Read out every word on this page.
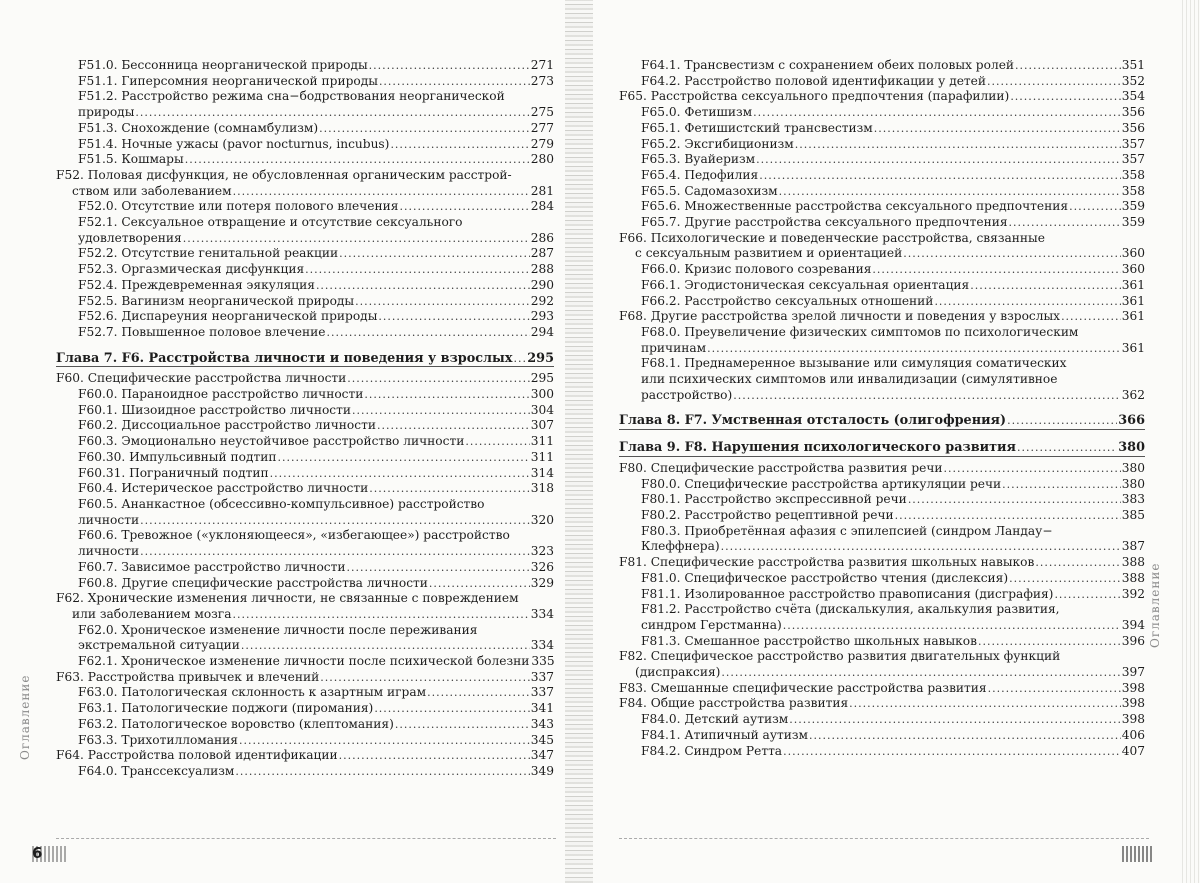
F51.0. Бессонница неорганической природы .....	271
F51.1. Гиперсомния неорганической природы .....	273
F51.2. Расстройство режима сна−бодрствования неорганической
природы .....	275
F51.3. Снохождение (сомнамбулизм) .....	277
F51.4. Ночные ужасы (pavor nocturnus, incubus) .....	279
F51.5. Кошмары .....	280
F52. Половая дисфункция, не обусловленная органическим расстрой-
ством или заболеванием .....	281
F52.0. Отсутствие или потеря полового влечения .....	284
F52.1. Сексуальное отвращение и отсутствие сексуального
удовлетворения .....	286
F52.2. Отсутствие генитальной реакции .....	287
F52.3. Оргазмическая дисфункция .....	288
F52.4. Преждевременная эякуляция .....	290
F52.5. Вагинизм неорганической природы .....	292
F52.6. Диспареуния неорганической природы .....	293
F52.7. Повышенное половое влечение .....	294
Глава 7. F6. Расстройства личности и поведения у взрослых ..... 295
F60. Специфические расстройства личности .....	295
F60.0. Параноидное расстройство личности .....	300
F60.1. Шизоидное расстройство личности .....	304
F60.2. Диссоциальное расстройство личности .....	307
F60.3. Эмоционально неустойчивое расстройство личности .....	311
F60.30. Импульсивный подтип .....	311
F60.31. Пограничный подтип .....	314
F60.4. Истерическое расстройство личности .....	318
F60.5. Ананкастное (обсессивно-компульсивное) расстройство
личности .....	320
F60.6. Тревожное («уклоняющееся», «избегающее») расстройство
личности .....	323
F60.7. Зависимое расстройство личности .....	326
F60.8. Другие специфические расстройства личности .....	329
F62. Хронические изменения личности, не связанные с повреждением
или заболеванием мозга .....	334
F62.0. Хроническое изменение личности после переживания
экстремальной ситуации .....	334
F62.1. Хроническое изменение личности после психической болезни 335
F63. Расстройства привычек и влечений .....	337
F63.0. Патологическая склонность к азартным играм .....	337
F63.1. Патологические поджоги (пиромания) .....	341
F63.2. Патологическое воровство (клептомания) .....	343
F63.3. Трихотилломания .....	345
F64. Расстройства половой идентификации .....	347
F64.0. Транссексуализм .....	349
6
Оглавление
F64.1. Трансвестизм с сохранением обеих половых ролей .....	351
F64.2. Расстройство половой идентификации у детей .....	352
F65. Расстройства сексуального предпочтения (парафилии) .....	354
F65.0. Фетишизм .....	356
F65.1. Фетишистский трансвестизм .....	356
F65.2. Эксгибиционизм .....	357
F65.3. Вуайеризм .....	357
F65.4. Педофилия .....	358
F65.5. Садомазохизм .....	358
F65.6. Множественные расстройства сексуального предпочтения .....	359
F65.7. Другие расстройства сексуального предпочтения .....	359
F66. Психологические и поведенческие расстройства, связанные
с сексуальным развитием и ориентацией .....	360
F66.0. Кризис полового созревания .....	360
F66.1. Эгодистоническая сексуальная ориентация .....	361
F66.2. Расстройство сексуальных отношений .....	361
F68. Другие расстройства зрелой личности и поведения у взрослых .....	361
F68.0. Преувеличение физических симптомов по психологическим
причинам .....	361
F68.1. Преднамеренное вызывание или симуляция соматических
или психических симптомов или инвалидизации (симулятивное
расстройство) .....	362
Глава 8. F7. Умственная отсталость (олигофрения) .....	366
Глава 9. F8. Нарушения психологического развития .....	380
F80. Специфические расстройства развития речи .....	380
F80.0. Специфические расстройства артикуляции речи .....	380
F80.1. Расстройство экспрессивной речи .....	383
F80.2. Расстройство рецептивной речи .....	385
F80.3. Приобретённая афазия с эпилепсией (синдром Ландау−
Клеффнера) .....	387
F81. Специфические расстройства развития школьных навыков .....	388
F81.0. Специфическое расстройство чтения (дислексия) .....	388
F81.1. Изолированное расстройство правописания (дисграфия) .....	392
F81.2. Расстройство счёта (дискалькулия, акалькулия развития,
синдром Герстманна) .....	394
F81.3. Смешанное расстройство школьных навыков .....	396
F82. Специфическое расстройство развития двигательных функций
(диспраксия) .....	397
F83. Смешанные специфические расстройства развития .....	398
F84. Общие расстройства развития .....	398
F84.0. Детский аутизм .....	398
F84.1. Атипичный аутизм .....	406
F84.2. Синдром Ретта .....	407
Оглавление
